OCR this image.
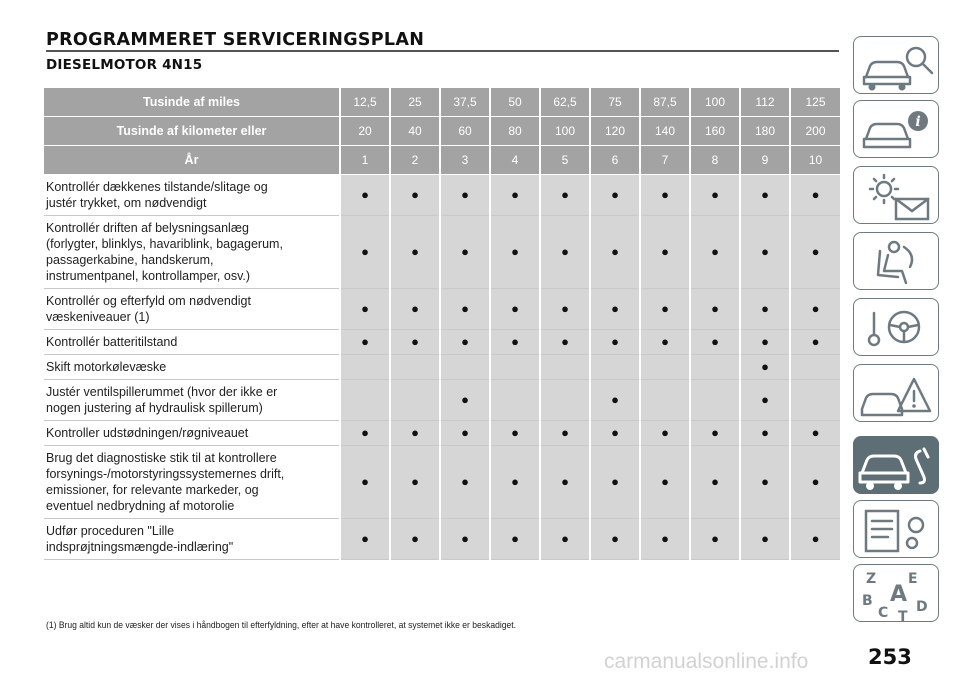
PROGRAMMERET SERVICERINGSPLAN
DIESELMOTOR 4N15
Tusinde af miles	12,5	25	37,5	50	62,5	75	87,5	100	112	125
Tusinde af kilometer eller	20	40	60	80	100	120	140	160	180	200
År	1	2	3	4	5	6	7	8	9	10
Kontrollér dækkenes tilstande/slitage og
justér trykket, om nødvendigt	●	●	●	●	●	●	●	●	●	●
Kontrollér driften af belysningsanlæg
(forlygter, blinklys, havariblink, bagagerum,
passagerkabine, handskerum,
instrumentpanel, kontrollamper, osv.)	●	●	●	●	●	●	●	●	●	●
Kontrollér og efterfyld om nødvendigt
væskeniveauer (1)	●	●	●	●	●	●	●	●	●	●
Kontrollér batteritilstand	●	●	●	●	●	●	●	●	●	●
Skift motorkølevæske									●	
Justér ventilspillerummet (hvor der ikke er
nogen justering af hydraulisk spillerum)			●			●			●	
Kontroller udstødningen/røgniveauet	●	●	●	●	●	●	●	●	●	●
Brug det diagnostiske stik til at kontrollere
forsynings-/motorstyringssystemernes drift,
emissioner, for relevante markeder, og
eventuel nedbrydning af motorolie	●	●	●	●	●	●	●	●	●	●
Udfør proceduren "Lille
indsprøjtningsmængde-indlæring"	●	●	●	●	●	●	●	●	●	●
(1) Brug altid kun de væsker der vises i håndbogen til efterfyldning, efter at have kontrolleret, at systemet ikke er beskadiget.
carmanualsonline.info	253
i
Z E
B A D
C T
